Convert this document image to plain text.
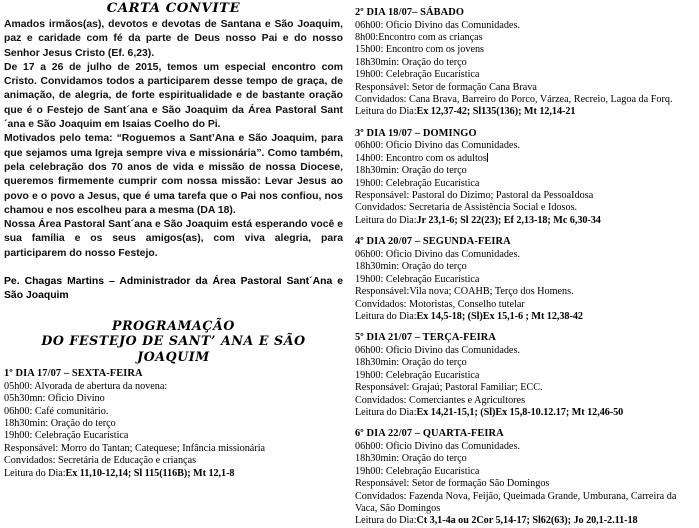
CARTA CONVITE

Amados irmãos(as), devotos e devotas de Santana e São Joaquim, paz e caridade com fé da parte de Deus nosso Pai e do nosso Senhor Jesus Cristo (Ef. 6,23).

De 17 a 26 de julho de 2015, temos um especial encontro com Cristo. Convidamos todos a participarem desse tempo de graça, de animação, de alegria, de forte espiritualidade e de bastante oração que é o Festejo de Sant´ana e São Joaquim da Área Pastoral Sant´ana e São Joaquim em Isaias Coelho do Pi.

Motivados pelo tema: “Roguemos a Sant’Ana e São Joaquim, para que sejamos uma Igreja sempre viva e missionária”. Como também, pela celebração dos 70 anos de vida e missão de nossa Diocese, queremos firmemente cumprir com nossa missão: Levar Jesus ao povo e o povo a Jesus, que é uma tarefa que o Pai nos confiou, nos chamou e nos escolheu para a mesma (DA 18).

Nossa Área Pastoral Sant´ana e São Joaquim está esperando você e sua família e os seus amigos(as), com viva alegria, para participarem do nosso Festejo.

Pe. Chagas Martins – Administrador da Área Pastoral Sant´Ana e São Joaquim
PROGRAMAÇÃO
DO FESTEJO DE SANT’ ANA E SÃO JOAQUIM
1º DIA 17/07 – SEXTA-FEIRA
05h00: Alvorada de abertura da novena:
05h30mn: Oficio Divino
06h00: Café comunitário.
18h30min: Oração do terço
19h00: Celebração Eucarística
Responsável: Morro do Tantan; Catequese; Infância missionária
Convidados: Secretária de Educação e crianças
Leitura do Dia:Ex 11,10-12,14; Sl 115(116B); Mt 12,1-8
2º DIA 18/07– SÁBADO
06h00: Oficio Divino das Comunidades.
8h00:Encontro com as crianças
15h00: Encontro com os jovens
18h30min: Oração do terço
19h00: Celebração Eucarística
Responsável: Setor de formação Cana Brava
Convidados: Cana Brava, Barreiro do Porco, Várzea, Recreio, Lagoa da Forq.
Leitura do Dia:Ex 12,37-42; Sl135(136); Mt 12,14-21
3º DIA 19/07 – DOMINGO
06h00: Oficio Divino das Comunidades.
14h00: Encontro com os adultos
18h30min: Oração do terço
19h00: Celebração Eucarística
Responsável: Pastoral do Dizimo; Pastoral da PessoaIdosa
Convidados: Secretaria de Assistência Social e Idosos.
Leitura do Dia:Jr 23,1-6; Sl 22(23); Ef 2,13-18; Mc 6,30-34
4º DIA 20/07 – SEGUNDA-FEIRA
06h00: Oficio Divino das Comunidades.
18h30min: Oração do terço
19h00: Celebração Eucarística
Responsável:Vila nova; COAHB; Terço dos Homens.
Convidados: Motoristas, Conselho tutelar
Leitura do Dia:Ex 14,5-18; (Sl)Ex 15,1-6 ; Mt 12,38-42
5º DIA 21/07 – TERÇA-FEIRA
06h00: Oficio Divino das Comunidades.
18h30min: Oração do terço
19h00: Celebração Eucarística
Responsável: Grajaú; Pastoral Familiar; ECC.
Convidados: Comerciantes e Agricultores
Leitura do Dia:Ex 14,21-15,1; (Sl)Ex 15,8-10.12.17; Mt 12,46-50
6º DIA 22/07 – QUARTA-FEIRA
06h00: Oficio Divino das Comunidades.
18h30min: Oração do terço
19h00: Celebração Eucarística
Responsável: Setor de formação São Domingos
Convidados: Fazenda Nova, Feijão, Queimada Grande, Umburana, Carreira da Vaca, São Domingos
Leitura do Dia:Ct 3,1-4a ou 2Cor 5,14-17; Sl62(63); Jo 20,1-2.11-18
